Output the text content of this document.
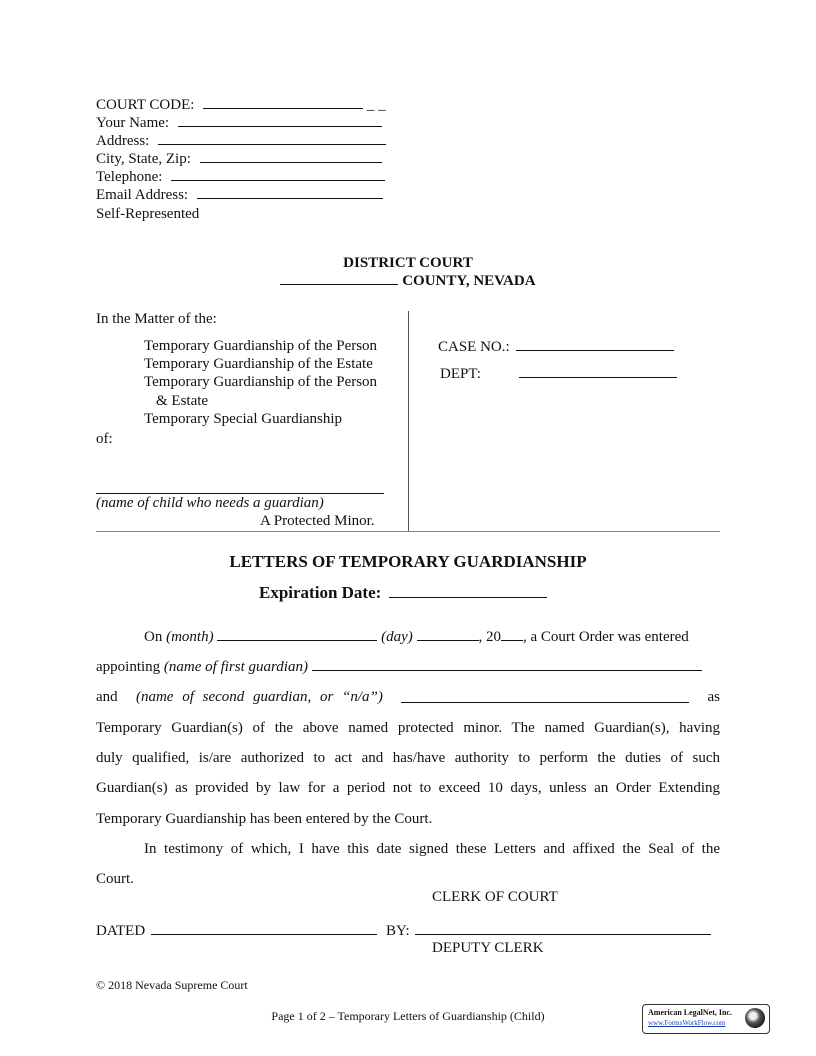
COURT CODE:	_ _
Your Name:
Address:
City, State, Zip:
Telephone:
Email Address:
Self-Represented
DISTRICT COURT
COUNTY, NEVADA
In the Matter of the:
Temporary Guardianship of the Person
Temporary Guardianship of the Estate
Temporary Guardianship of the Person
& Estate
Temporary Special Guardianship
of:
(name of child who needs a guardian)
A Protected Minor.
CASE NO.:
DEPT:
LETTERS OF TEMPORARY GUARDIANSHIP
Expiration Date:
On (month)	(day)	, 20 , a Court Order was entered
appointing (name of first guardian)
and (name of second guardian, or “n/a”)	as
Temporary Guardian(s) of the above named protected minor. The named Guardian(s), having
duly qualified, is/are authorized to act and has/have authority to perform the duties of such
Guardian(s) as provided by law for a period not to exceed 10 days, unless an Order Extending
Temporary Guardianship has been entered by the Court.
In testimony of which, I have this date signed these Letters and affixed the Seal of the
Court.
CLERK OF COURT
DATED	BY:
DEPUTY CLERK
© 2018 Nevada Supreme Court
Page 1 of 2 – Temporary Letters of Guardianship (Child)	American LegalNet, Inc.
www.FormsWorkFlow.com
